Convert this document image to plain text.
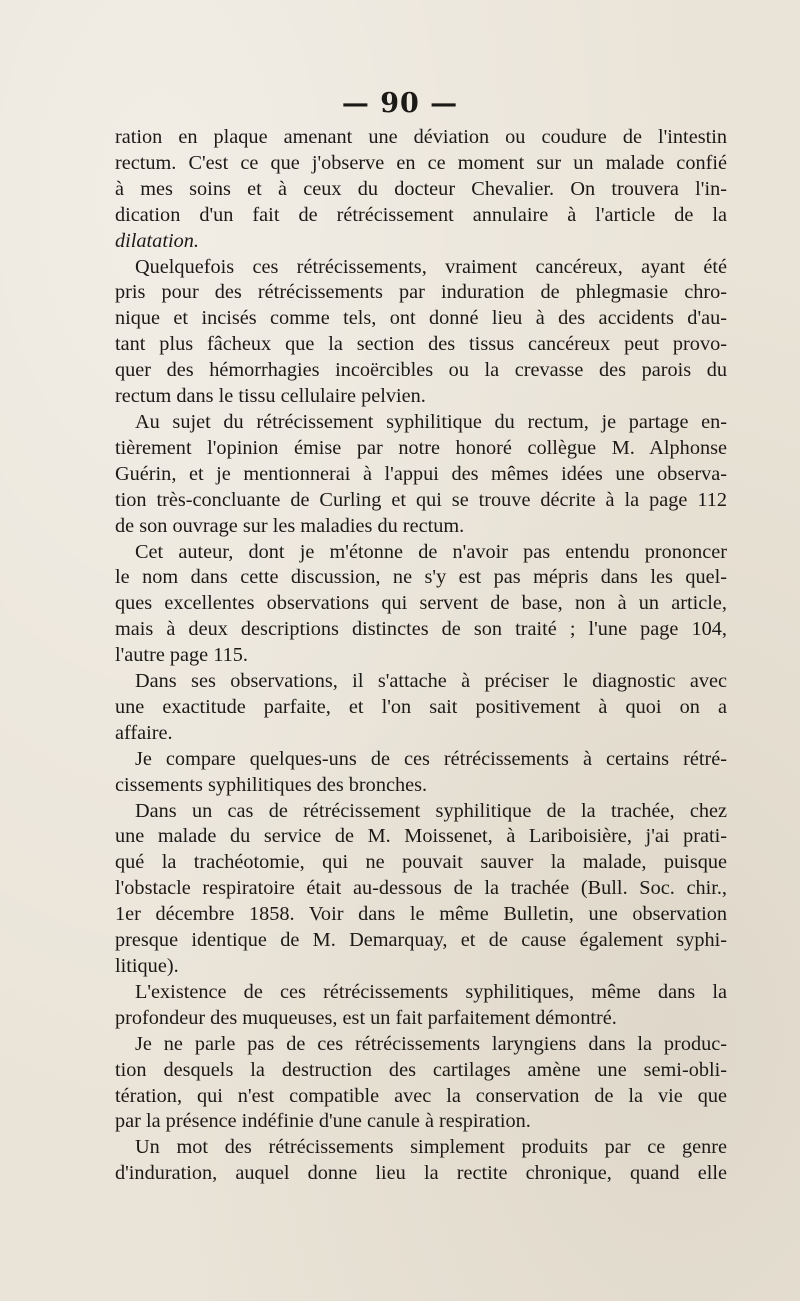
— 90 —

ration en plaque amenant une déviation ou coudure de l'intestin
rectum. C'est ce que j'observe en ce moment sur un malade confié
à mes soins et à ceux du docteur Chevalier. On trouvera l'in-
dication d'un fait de rétrécissement annulaire à l'article de la
dilatation.

Quelquefois ces rétrécissements, vraiment cancéreux, ayant été
pris pour des rétrécissements par induration de phlegmasie chro-
nique et incisés comme tels, ont donné lieu à des accidents d'au-
tant plus fâcheux que la section des tissus cancéreux peut provo-
quer des hémorrhagies incoërcibles ou la crevasse des parois du
rectum dans le tissu cellulaire pelvien.

Au sujet du rétrécissement syphilitique du rectum, je partage en-
tièrement l'opinion émise par notre honoré collègue M. Alphonse
Guérin, et je mentionnerai à l'appui des mêmes idées une observa-
tion très-concluante de Curling et qui se trouve décrite à la page 112
de son ouvrage sur les maladies du rectum.

Cet auteur, dont je m'étonne de n'avoir pas entendu prononcer
le nom dans cette discussion, ne s'y est pas mépris dans les quel-
ques excellentes observations qui servent de base, non à un article,
mais à deux descriptions distinctes de son traité ; l'une page 104,
l'autre page 115.

Dans ses observations, il s'attache à préciser le diagnostic avec
une exactitude parfaite, et l'on sait positivement à quoi on a
affaire.

Je compare quelques-uns de ces rétrécissements à certains rétré-
cissements syphilitiques des bronches.

Dans un cas de rétrécissement syphilitique de la trachée, chez
une malade du service de M. Moissenet, à Lariboisière, j'ai prati-
qué la trachéotomie, qui ne pouvait sauver la malade, puisque
l'obstacle respiratoire était au-dessous de la trachée (Bull. Soc. chir.,
1er décembre 1858. Voir dans le même Bulletin, une observation
presque identique de M. Demarquay, et de cause également syphi-
litique).

L'existence de ces rétrécissements syphilitiques, même dans la
profondeur des muqueuses, est un fait parfaitement démontré.

Je ne parle pas de ces rétrécissements laryngiens dans la produc-
tion desquels la destruction des cartilages amène une semi-obli-
tération, qui n'est compatible avec la conservation de la vie que
par la présence indéfinie d'une canule à respiration.

Un mot des rétrécissements simplement produits par ce genre
d'induration, auquel donne lieu la rectite chronique, quand elle
